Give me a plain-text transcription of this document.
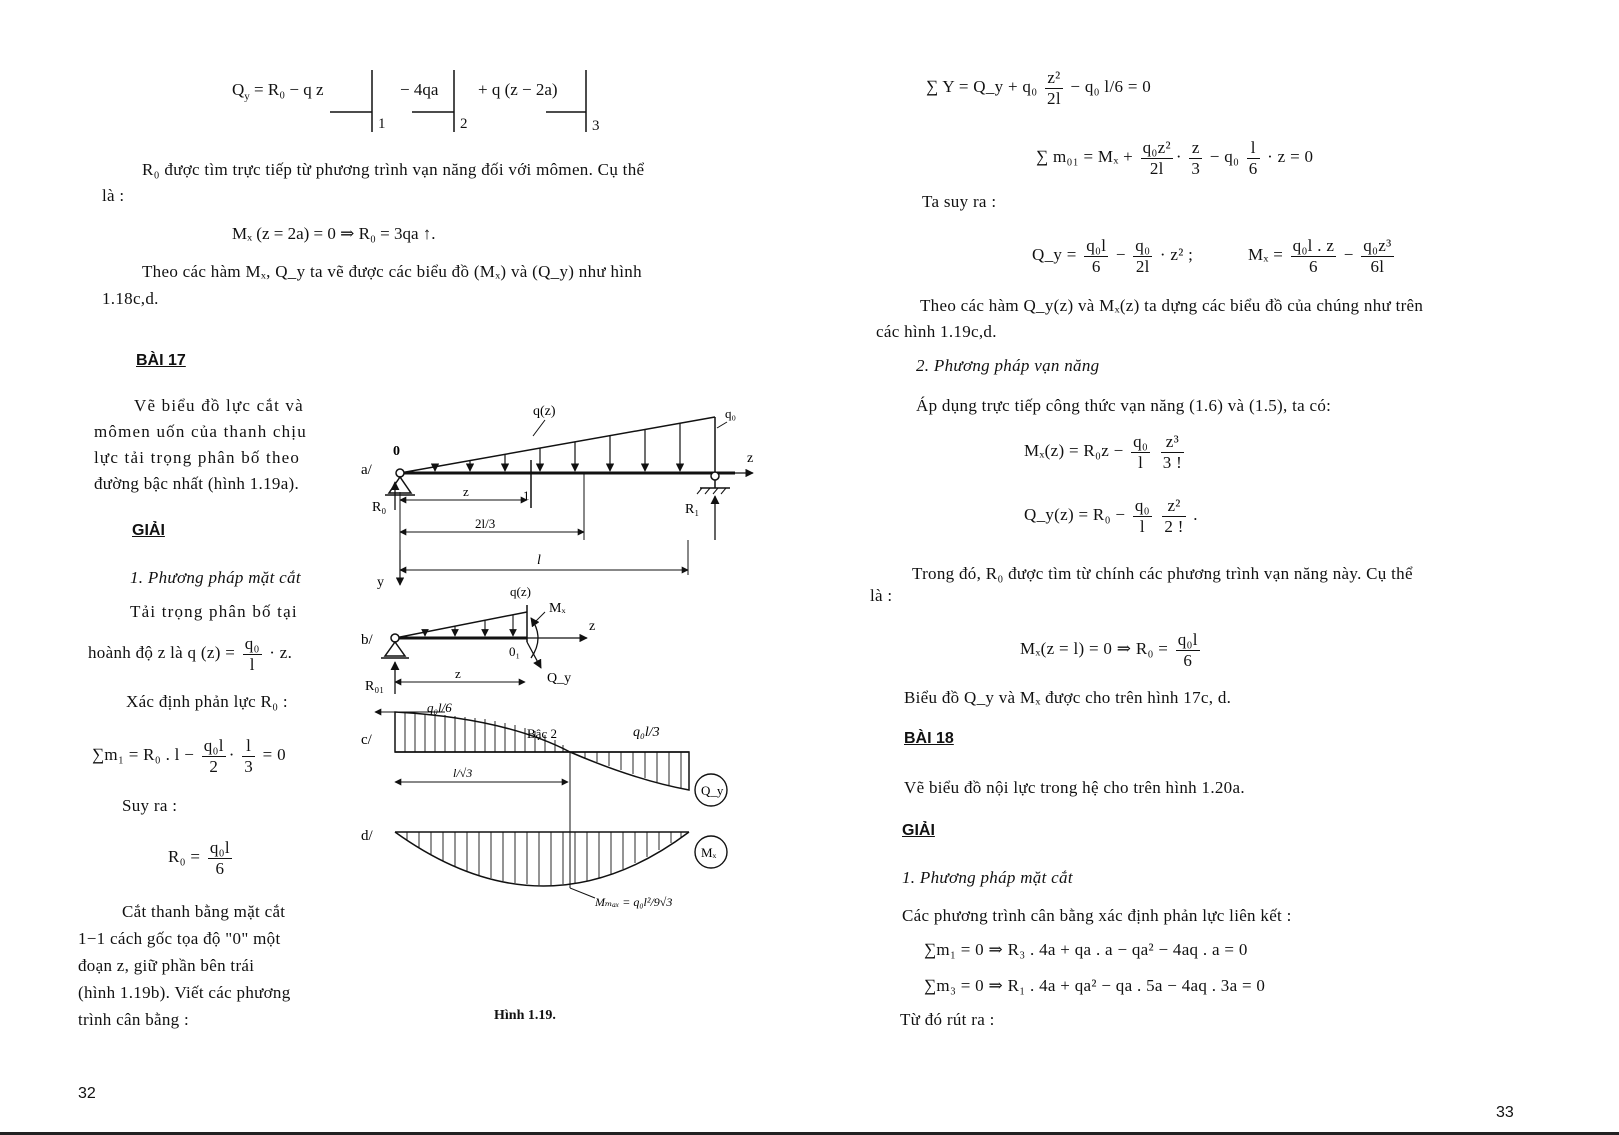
$Q_y = R_0 - q$ z	− 4qa + q (z − 2a)
1	2	3
R₀ được tìm trực tiếp từ phương trình vạn năng đối với mômen. Cụ thể
là :
Mₓ (z = 2a) = 0 ⇒ R₀ = 3qa ↑.
Theo các hàm Mₓ, Q_y ta vẽ được các biểu đồ (Mₓ) và (Q_y) như hình
1.18c,d.
BÀI 17
Vẽ biểu đồ lực cắt và
mômen uốn của thanh chịu
lực tải trọng phân bố theo
đường bậc nhất (hình 1.19a).
GIẢI
1. Phương pháp mặt cắt
Tải trọng phân bố tại
hoành độ z là q $(z) = \frac{\text{q₀}}{l} \cdot z$.
Xác định phản lực R₀ :
∑m₁ = R₀ . $l - \frac{\text{q₀l}}{2} \cdot \frac{l}{3} = 0$
Suy ra :
$R_0 = \frac{\text{q₀l}}{6}$
Cắt thanh bằng mặt cắt
1−1 cách gốc tọa độ "0" một
đoạn z, giữ phần bên trái
(hình 1.19b). Viết các phương
trình cân bằng :
32
a/
q(z)	q₀
0	z
1
R₀	R₁
z
2l/3
l
y
b/
z
q(z)
Mₓ
Q_y
0₁
R₀₁
z
c/
q₀l/6
Bậc 2	q₀l/3
l/√3
Q_y
d/
Mₓ
Mₘₐₓ = q₀l²/9√3
Hình 1.19.
∑ Y = Q_y + $q_0 \frac{\text{z²}}{2l} - q_0$ l/6 = 0
∑ $m_{01} = M_x + \frac{\text{q₀z²}}{2l} \cdot \frac{z}{3} - q_0 \frac{l}{6} \cdot z = 0$
Ta suy ra :
Q_y = $\frac{\text{q₀l}}{6} - \frac{\text{q₀}}{2l} \cdot z^2$ ;	$M_x = \frac{\text{q₀l . z}}{6} - \frac{\text{q₀z³}}{6l}$
Theo các hàm Q_y(z) và Mₓ(z) ta dựng các biểu đồ của chúng như trên
các hình 1.19c,d.
2. Phương pháp vạn năng
Áp dụng trực tiếp công thức vạn năng (1.6) và (1.5), ta có:
$M_x(z) = R_0z - \frac{\text{q₀}}{l}$
$\frac{\text{z³}}{3 !}$
Q_y(z) = $R_0 - \frac{\text{q₀}}{l}$
$\frac{\text{z²}}{2 !}$ .
Trong đó, R₀ được tìm từ chính các phương trình vạn năng này. Cụ thể
là :
Mₓ(z = l) = 0 ⇒ $R_0 = \frac{\text{q₀l}}{6}$
Biểu đồ Q_y và Mₓ được cho trên hình 17c, d.
BÀI 18
Vẽ biểu đồ nội lực trong hệ cho trên hình 1.20a.
GIẢI
1. Phương pháp mặt cắt
Các phương trình cân bằng xác định phản lực liên kết :
∑m₁ = 0 ⇒ R₃ . 4a + qa . a − qa² − 4aq . a = 0
∑m₃ = 0 ⇒ R₁ . 4a + qa² − qa . 5a − 4aq . 3a = 0
Từ đó rút ra :
33
